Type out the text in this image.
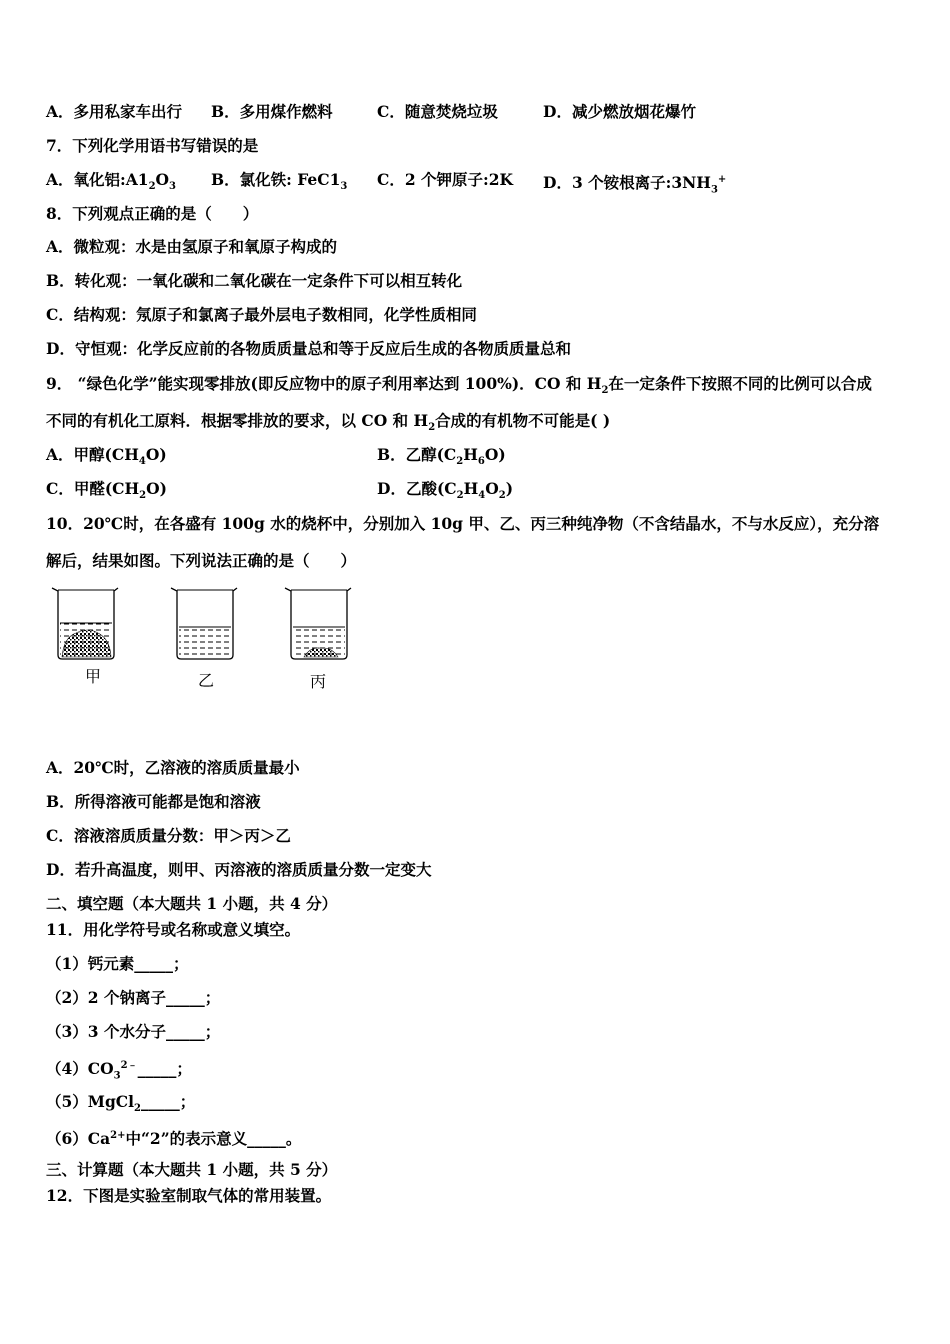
A．多用私家车出行 B．多用煤作燃料	C．随意焚烧垃圾	D．减少燃放烟花爆竹
7．下列化学用语书写错误的是
A．氧化铝$:A1_2O_3$ B．氯化铁: $FeC1_3$ C．2 个钾原子:2K D．3 个铵根离子$:3NH_3^+$
8．下列观点正确的是（　　）
A．微粒观：水是由氢原子和氧原子构成的
B．转化观：一氧化碳和二氧化碳在一定条件下可以相互转化
C．结构观：氖原子和氯离子最外层电子数相同，化学性质相同
D．守恒观：化学反应前的各物质质量总和等于反应后生成的各物质质量总和
9． “绿色化学”能实现零排放(即反应物中的原子利用率达到 100%)．CO 和 $H_2$在一定条件下按照不同的比例可以合成
不同的有机化工原料．根据零排放的要求，以 CO 和 $H_2$合成的有机物不可能是( )
A．甲醇$(CH_4O)$	B．乙醇$(C_2H_6O)$
C．甲醛$(CH_2O)$	D．乙酸$(C_2H_4O_2)$
10．20℃时，在各盛有 100g 水的烧杯中，分别加入 10g 甲、乙、丙三种纯净物（不含结晶水，不与水反应），充分溶
解后，结果如图。下列说法正确的是（　　）
甲	乙	丙
A．20℃时，乙溶液的溶质质量最小
B．所得溶液可能都是饱和溶液
C．溶液溶质质量分数：甲＞丙＞乙
D．若升高温度，则甲、丙溶液的溶质质量分数一定变大
二、填空题（本大题共 1 小题，共 4 分）
11．用化学符号或名称或意义填空。
（1）钙元素_____；
（2）2 个钠离子_____；
（3）3 个水分子_____；
$(4)CO_3^{2﹣}\_\_\_\_\_$；
（5）MgCl$_2$_____；
$(6)Ca^{2+}$中“2”的表示意义_____。
三、计算题（本大题共 1 小题，共 5 分）
12．下图是实验室制取气体的常用装置。
